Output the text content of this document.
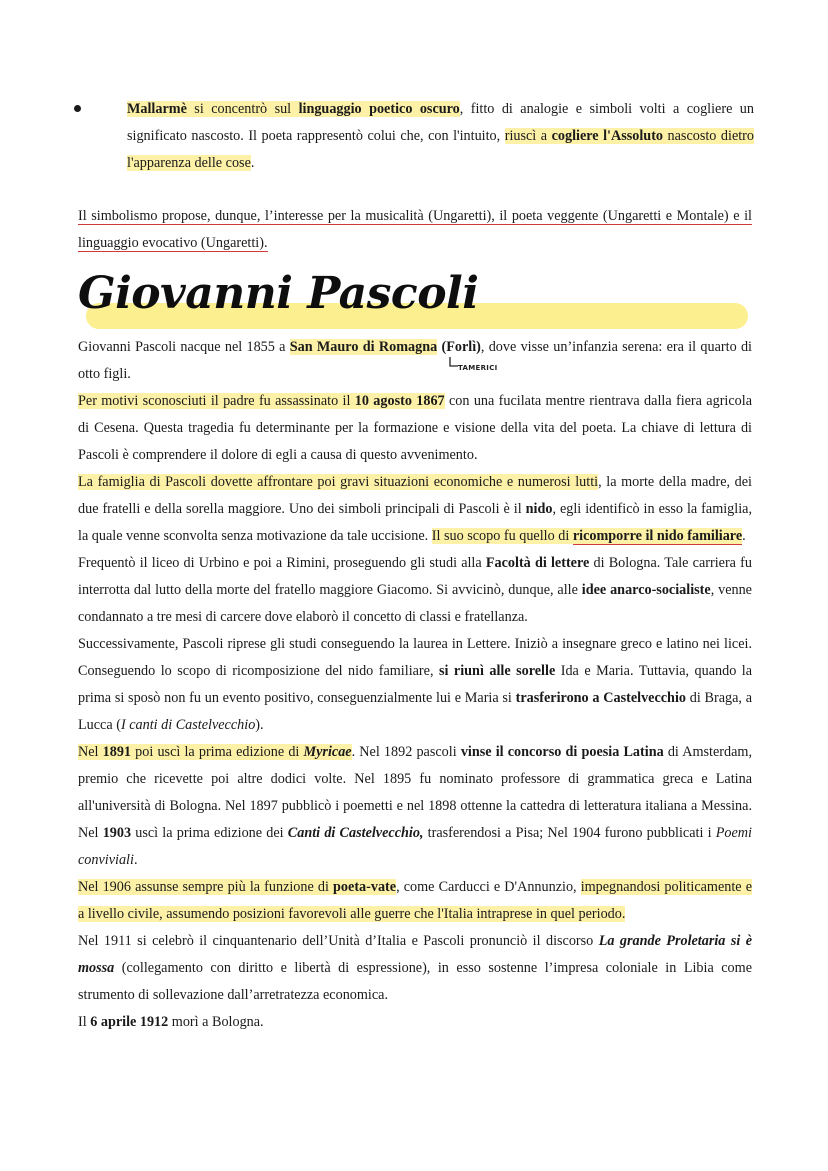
Mallarmè si concentrò sul linguaggio poetico oscuro, fitto di analogie e simboli volti a cogliere un significato nascosto. Il poeta rappresentò colui che, con l'intuito, riuscì a cogliere l'Assoluto nascosto dietro l'apparenza delle cose.
Il simbolismo propose, dunque, l’interesse per la musicalità (Ungaretti), il poeta veggente (Ungaretti e Montale) e il linguaggio evocativo (Ungaretti).
Giovanni Pascoli
TAMERICI

Giovanni Pascoli nacque nel 1855 a San Mauro di Romagna (Forlì), dove visse un’infanzia serena: era il quarto di otto figli.

Per motivi sconosciuti il padre fu assassinato il 10 agosto 1867 con una fucilata mentre rientrava dalla fiera agricola di Cesena. Questa tragedia fu determinante per la formazione e visione della vita del poeta. La chiave di lettura di Pascoli è comprendere il dolore di egli a causa di questo avvenimento.

La famiglia di Pascoli dovette affrontare poi gravi situazioni economiche e numerosi lutti, la morte della madre, dei due fratelli e della sorella maggiore. Uno dei simboli principali di Pascoli è il nido, egli identificò in esso la famiglia, la quale venne sconvolta senza motivazione da tale uccisione. Il suo scopo fu quello di ricomporre il nido familiare.

Frequentò il liceo di Urbino e poi a Rimini, proseguendo gli studi alla Facoltà di lettere di Bologna. Tale carriera fu interrotta dal lutto della morte del fratello maggiore Giacomo. Si avvicinò, dunque, alle idee anarco-socialiste, venne condannato a tre mesi di carcere dove elaborò il concetto di classi e fratellanza.

Successivamente, Pascoli riprese gli studi conseguendo la laurea in Lettere. Iniziò a insegnare greco e latino nei licei. Conseguendo lo scopo di ricomposizione del nido familiare, si riunì alle sorelle Ida e Maria. Tuttavia, quando la prima si sposò non fu un evento positivo, conseguenzialmente lui e Maria si trasferirono a Castelvecchio di Braga, a Lucca (I canti di Castelvecchio).

Nel 1891 poi uscì la prima edizione di Myricae. Nel 1892 pascoli vinse il concorso di poesia Latina di Amsterdam, premio che ricevette poi altre dodici volte. Nel 1895 fu nominato professore di grammatica greca e Latina all'università di Bologna. Nel 1897 pubblicò i poemetti e nel 1898 ottenne la cattedra di letteratura italiana a Messina. Nel 1903 uscì la prima edizione dei Canti di Castelvecchio, trasferendosi a Pisa; Nel 1904 furono pubblicati i Poemi conviviali.

Nel 1906 assunse sempre più la funzione di poeta-vate, come Carducci e D'Annunzio, impegnandosi politicamente e a livello civile, assumendo posizioni favorevoli alle guerre che l'Italia intraprese in quel periodo.

Nel 1911 si celebrò il cinquantenario dell’Unità d’Italia e Pascoli pronunciò il discorso La grande Proletaria si è mossa (collegamento con diritto e libertà di espressione), in esso sostenne l’impresa coloniale in Libia come strumento di sollevazione dall’arretratezza economica.

Il 6 aprile 1912 morì a Bologna.
